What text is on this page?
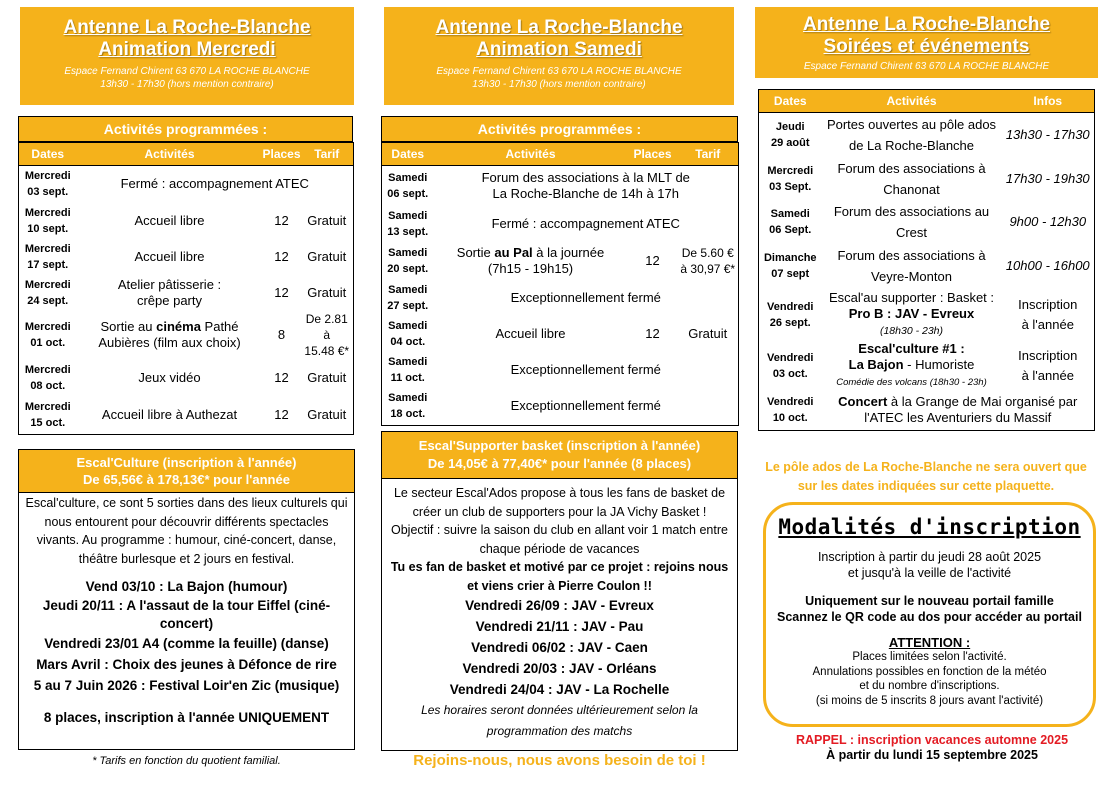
Antenne La Roche-Blanche
Animation Mercredi
Espace Fernand Chirent 63 670 LA ROCHE BLANCHE
13h30 - 17h30 (hors mention contraire)
Activités programmées :
Dates	Activités	Places	Tarif
Mercredi
03 sept.	Fermé : accompagnement ATEC		
Mercredi
10 sept.	Accueil libre	12	Gratuit
Mercredi
17 sept.	Accueil libre	12	Gratuit
Mercredi
24 sept.	Atelier pâtisserie :
crêpe party	12	Gratuit
Mercredi
01 oct.	Sortie au cinéma Pathé
Aubières (film aux choix)	8	De 2.81 à
15.48 €*
Mercredi
08 oct.	Jeux vidéo	12	Gratuit
Mercredi
15 oct.	Accueil libre à Authezat	12	Gratuit
Escal'Culture (inscription à l'année)
De 65,56€ à 178,13€* pour l'année
Escal'culture, ce sont 5 sorties dans des lieux culturels qui nous entourent pour découvrir différents spectacles vivants. Au programme : humour, ciné-concert, danse, théâtre burlesque et 2 jours en festival.
Vend 03/10 : La Bajon (humour)
Jeudi 20/11 : A l'assaut de la tour Eiffel (ciné-concert)
Vendredi 23/01 A4 (comme la feuille) (danse)
Mars Avril : Choix des jeunes à Défonce de rire
5 au 7 Juin 2026 : Festival Loir'en Zic (musique)
8 places, inscription à l'année UNIQUEMENT
* Tarifs en fonction du quotient familial.
Antenne La Roche-Blanche
Animation Samedi
Espace Fernand Chirent 63 670 LA ROCHE BLANCHE
13h30 - 17h30 (hors mention contraire)
Activités programmées :
Dates	Activités	Places	Tarif
Samedi
06 sept.	Forum des associations à la MLT de
La Roche-Blanche de 14h à 17h		
Samedi
13 sept.	Fermé : accompagnement ATEC		
Samedi
20 sept.	Sortie au Pal à la journée
(7h15 - 19h15)	12	De 5.60 €
à 30,97 €*
Samedi
27 sept.	Exceptionnellement fermé		
Samedi
04 oct.	Accueil libre	12	Gratuit
Samedi
11 oct.	Exceptionnellement fermé		
Samedi
18 oct.	Exceptionnellement fermé		
Escal'Supporter basket (inscription à l'année)
De 14,05€ à 77,40€* pour l'année (8 places)
Le secteur Escal'Ados propose à tous les fans de basket de créer un club de supporters pour la JA Vichy Basket !
Objectif : suivre la saison du club en allant voir 1 match entre chaque période de vacances
Tu es fan de basket et motivé par ce projet : rejoins nous et viens crier à Pierre Coulon !!
Vendredi 26/09 : JAV - Evreux
Vendredi 21/11 : JAV - Pau
Vendredi 06/02 : JAV - Caen
Vendredi 20/03 : JAV - Orléans
Vendredi 24/04 : JAV - La Rochelle
Les horaires seront données ultérieurement selon la programmation des matchs
Rejoins-nous, nous avons besoin de toi !
Antenne La Roche-Blanche
Soirées et événements
Espace Fernand Chirent 63 670 LA ROCHE BLANCHE
Dates	Activités	Infos
Jeudi
29 août	Portes ouvertes au pôle ados
de La Roche-Blanche	13h30 - 17h30
Mercredi
03 Sept.	Forum des associations à
Chanonat	17h30 - 19h30
Samedi
06 Sept.	Forum des associations au
Crest	9h00 - 12h30
Dimanche
07 sept	Forum des associations à
Veyre-Monton	10h00 - 16h00
Vendredi
26 sept.	Escal'au supporter : Basket :
Pro B : JAV - Evreux
(18h30 - 23h)	Inscription
à l'année
Vendredi
03 oct.	Escal'culture #1 :
La Bajon - Humoriste
Comédie des volcans (18h30 - 23h)	Inscription
à l'année
Vendredi
10 oct.	Concert à la Grange de Mai organisé par
l'ATEC les Aventuriers du Massif	
Le pôle ados de La Roche-Blanche ne sera ouvert que sur les dates indiquées sur cette plaquette.
Modalités d'inscription
Inscription à partir du jeudi 28 août 2025
et jusqu'à la veille de l'activité
Uniquement sur le nouveau portail famille
Scannez le QR code au dos pour accéder au portail
ATTENTION :
Places limitées selon l'activité.
Annulations possibles en fonction de la météo
et du nombre d'inscriptions.
(si moins de 5 inscrits 8 jours avant l'activité)
RAPPEL : inscription vacances automne 2025
À partir du lundi 15 septembre 2025
